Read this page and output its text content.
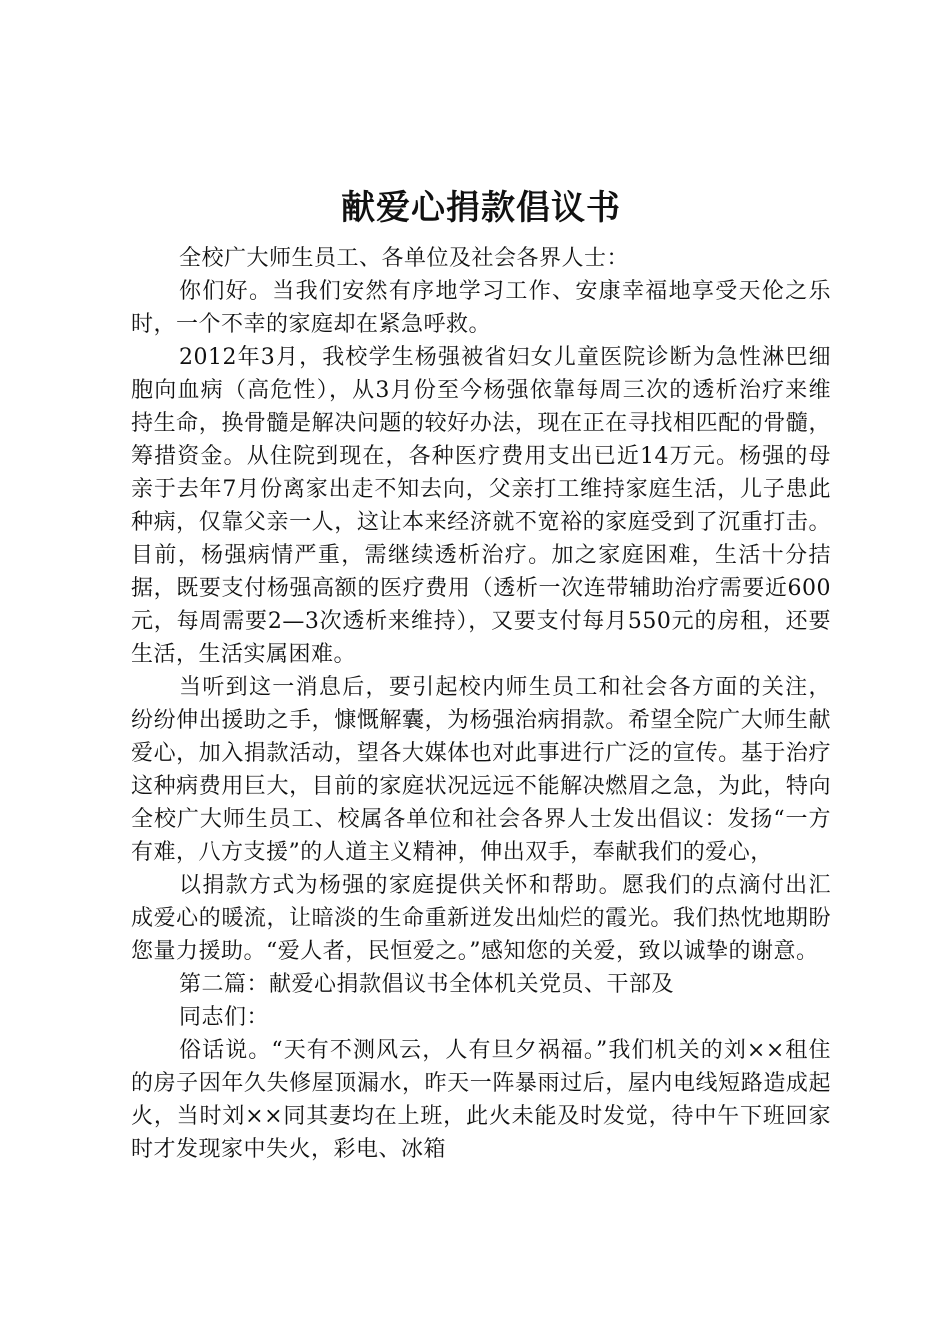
献爱心捐款倡议书

全校广大师生员工、各单位及社会各界人士：

你们好。当我们安然有序地学习工作、安康幸福地享受天伦之乐时，一个不幸的家庭却在紧急呼救。

2012年3月，我校学生杨强被省妇女儿童医院诊断为急性淋巴细胞向血病（高危性），从3月份至今杨强依靠每周三次的透析治疗来维持生命，换骨髓是解决问题的较好办法，现在正在寻找相匹配的骨髓，筹措资金。从住院到现在，各种医疗费用支出已近14万元。杨强的母亲于去年7月份离家出走不知去向，父亲打工维持家庭生活，儿子患此种病，仅靠父亲一人，这让本来经济就不宽裕的家庭受到了沉重打击。目前，杨强病情严重，需继续透析治疗。加之家庭困难，生活十分拮据，既要支付杨强高额的医疗费用（透析一次连带辅助治疗需要近600元，每周需要2—3次透析来维持），又要支付每月550元的房租，还要生活，生活实属困难。

当听到这一消息后，要引起校内师生员工和社会各方面的关注，纷纷伸出援助之手，慷慨解囊，为杨强治病捐款。希望全院广大师生献爱心，加入捐款活动，望各大媒体也对此事进行广泛的宣传。基于治疗这种病费用巨大，目前的家庭状况远远不能解决燃眉之急，为此，特向全校广大师生员工、校属各单位和社会各界人士发出倡议：发扬“一方有难，八方支援”的人道主义精神，伸出双手，奉献我们的爱心，

以捐款方式为杨强的家庭提供关怀和帮助。愿我们的点滴付出汇成爱心的暖流，让暗淡的生命重新迸发出灿烂的霞光。我们热忱地期盼您量力援助。“爱人者，民恒爱之。”感知您的关爱，致以诚挚的谢意。

第二篇：献爱心捐款倡议书全体机关党员、干部及

同志们：

俗话说。“天有不测风云，人有旦夕祸福。”我们机关的刘××租住的房子因年久失修屋顶漏水，昨天一阵暴雨过后，屋内电线短路造成起火，当时刘××同其妻均在上班，此火未能及时发觉，待中午下班回家时才发现家中失火，彩电、冰箱
